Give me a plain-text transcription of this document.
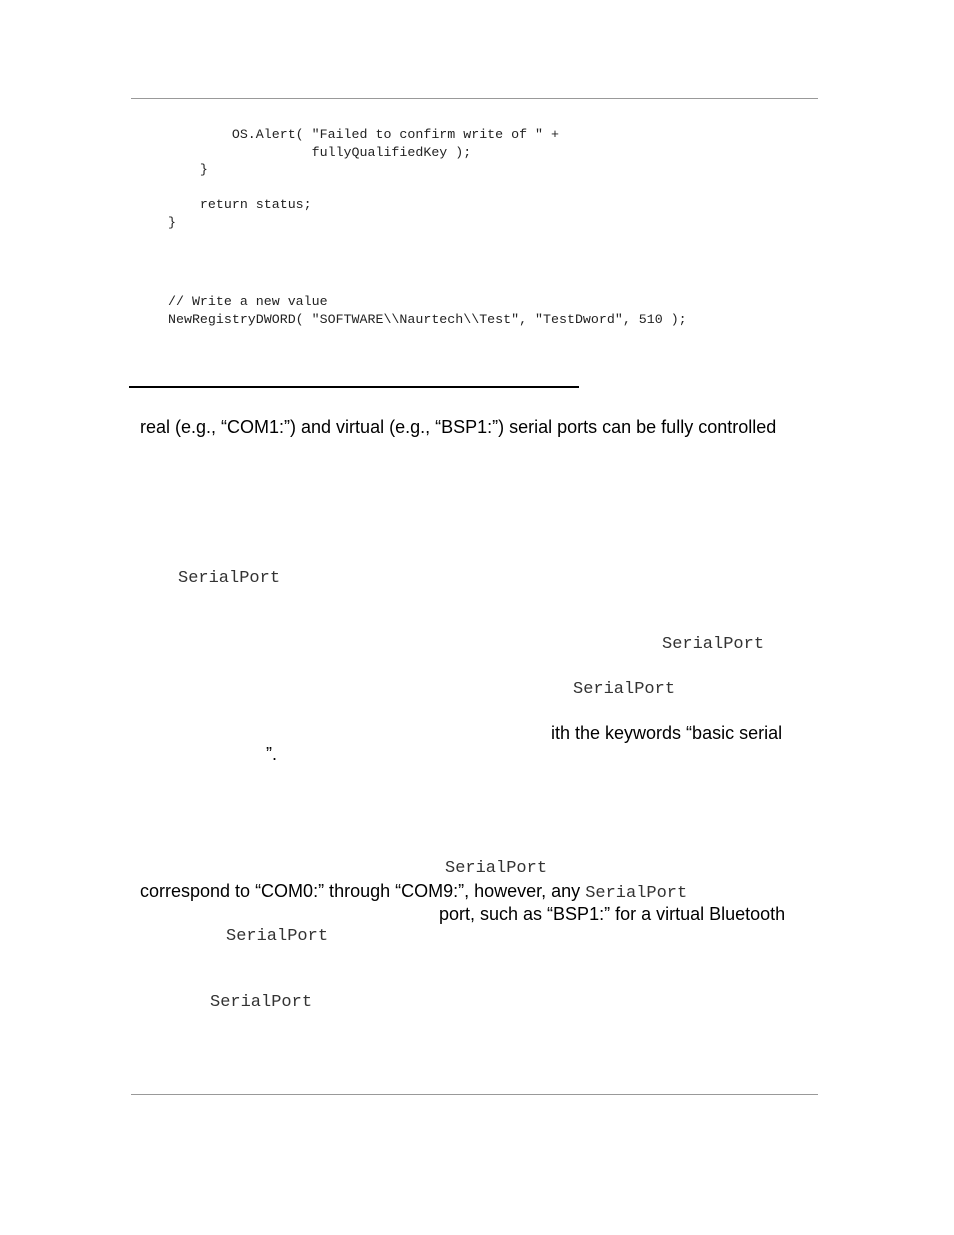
OS.Alert( "Failed to confirm write of " +
fullyQualifiedKey );
}

return status;
}
// Write a new value
NewRegistryDWORD( "SOFTWARE\\Naurtech\\Test", "TestDword", 510 );
real (e.g., “COM1:”) and virtual (e.g., “BSP1:”) serial ports can be fully controlled
SerialPort
SerialPort
SerialPort
ith the keywords “basic serial
”.
SerialPort
correspond to “COM0:” through “COM9:”, however, any SerialPort
port, such as “BSP1:” for a virtual Bluetooth
SerialPort
SerialPort
